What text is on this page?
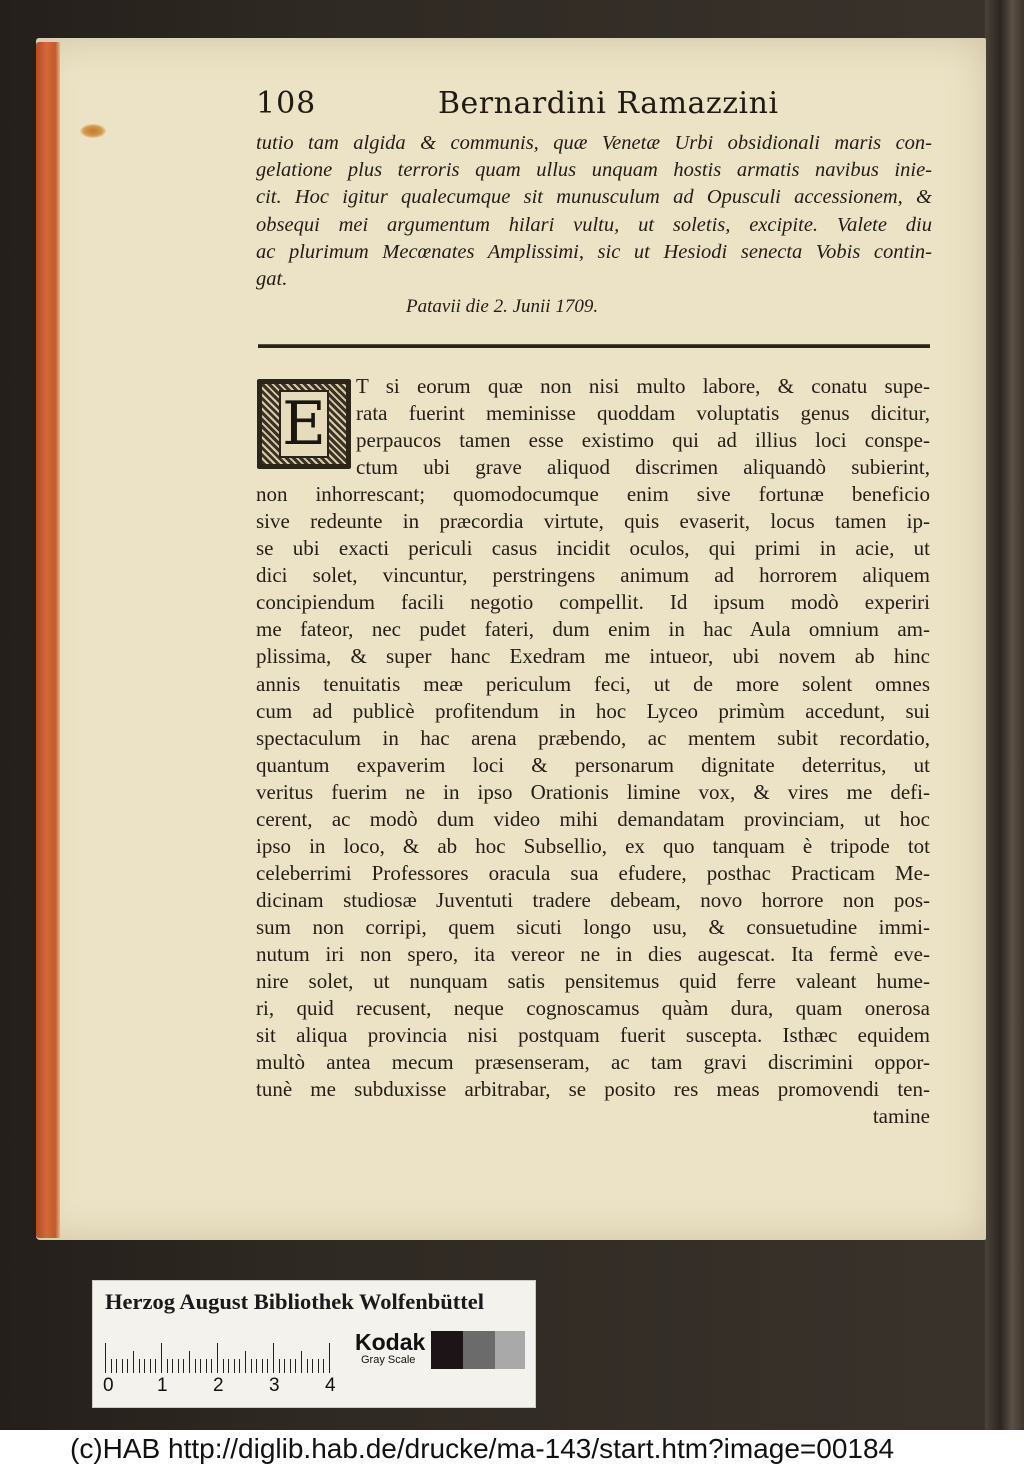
108	Bernardini Ramazzini
tutio tam algida & communis, quæ Venetæ Urbi obsidionali maris con-
gelatione plus terroris quam ullus unquam hostis armatis navibus inie-
cit. Hoc igitur qualecumque sit munusculum ad Opusculi accessionem, &
obsequi mei argumentum hilari vultu, ut soletis, excipite. Valete diu
ac plurimum Mecœnates Amplissimi, sic ut Hesiodi senecta Vobis contin-
gat.
Patavii die 2. Junii 1709.
E
T si eorum quæ non nisi multo labore, & conatu supe-
rata fuerint meminisse quoddam voluptatis genus dicitur,
perpaucos tamen esse existimo qui ad illius loci conspe-
ctum ubi grave aliquod discrimen aliquandò subierint,
non inhorrescant; quomodocumque enim sive fortunæ beneficio
sive redeunte in præcordia virtute, quis evaserit, locus tamen ip-
se ubi exacti periculi casus incidit oculos, qui primi in acie, ut
dici solet, vincuntur, perstringens animum ad horrorem aliquem
concipiendum facili negotio compellit. Id ipsum modò experiri
me fateor, nec pudet fateri, dum enim in hac Aula omnium am-
plissima, & super hanc Exedram me intueor, ubi novem ab hinc
annis tenuitatis meæ periculum feci, ut de more solent omnes
cum ad publicè profitendum in hoc Lyceo primùm accedunt, sui
spectaculum in hac arena præbendo, ac mentem subit recordatio,
quantum expaverim loci & personarum dignitate deterritus, ut
veritus fuerim ne in ipso Orationis limine vox, & vires me defi-
cerent, ac modò dum video mihi demandatam provinciam, ut hoc
ipso in loco, & ab hoc Subsellio, ex quo tanquam è tripode tot
celeberrimi Professores oracula sua efudere, posthac Practicam Me-
dicinam studiosæ Juventuti tradere debeam, novo horrore non pos-
sum non corripi, quem sicuti longo usu, & consuetudine immi-
nutum iri non spero, ita vereor ne in dies augescat. Ita fermè eve-
nire solet, ut nunquam satis pensitemus quid ferre valeant hume-
ri, quid recusent, neque cognoscamus quàm dura, quam onerosa
sit aliqua provincia nisi postquam fuerit suscepta. Isthæc equidem
multò antea mecum præsenseram, ac tam gravi discrimini oppor-
tunè me subduxisse arbitrabar, se posito res meas promovendi ten-
tamine
Herzog August Bibliothek Wolfenbüttel
0 1 2 3 4
Kodak
Gray Scale
(c)HAB http://diglib.hab.de/drucke/ma-143/start.htm?image=00184
